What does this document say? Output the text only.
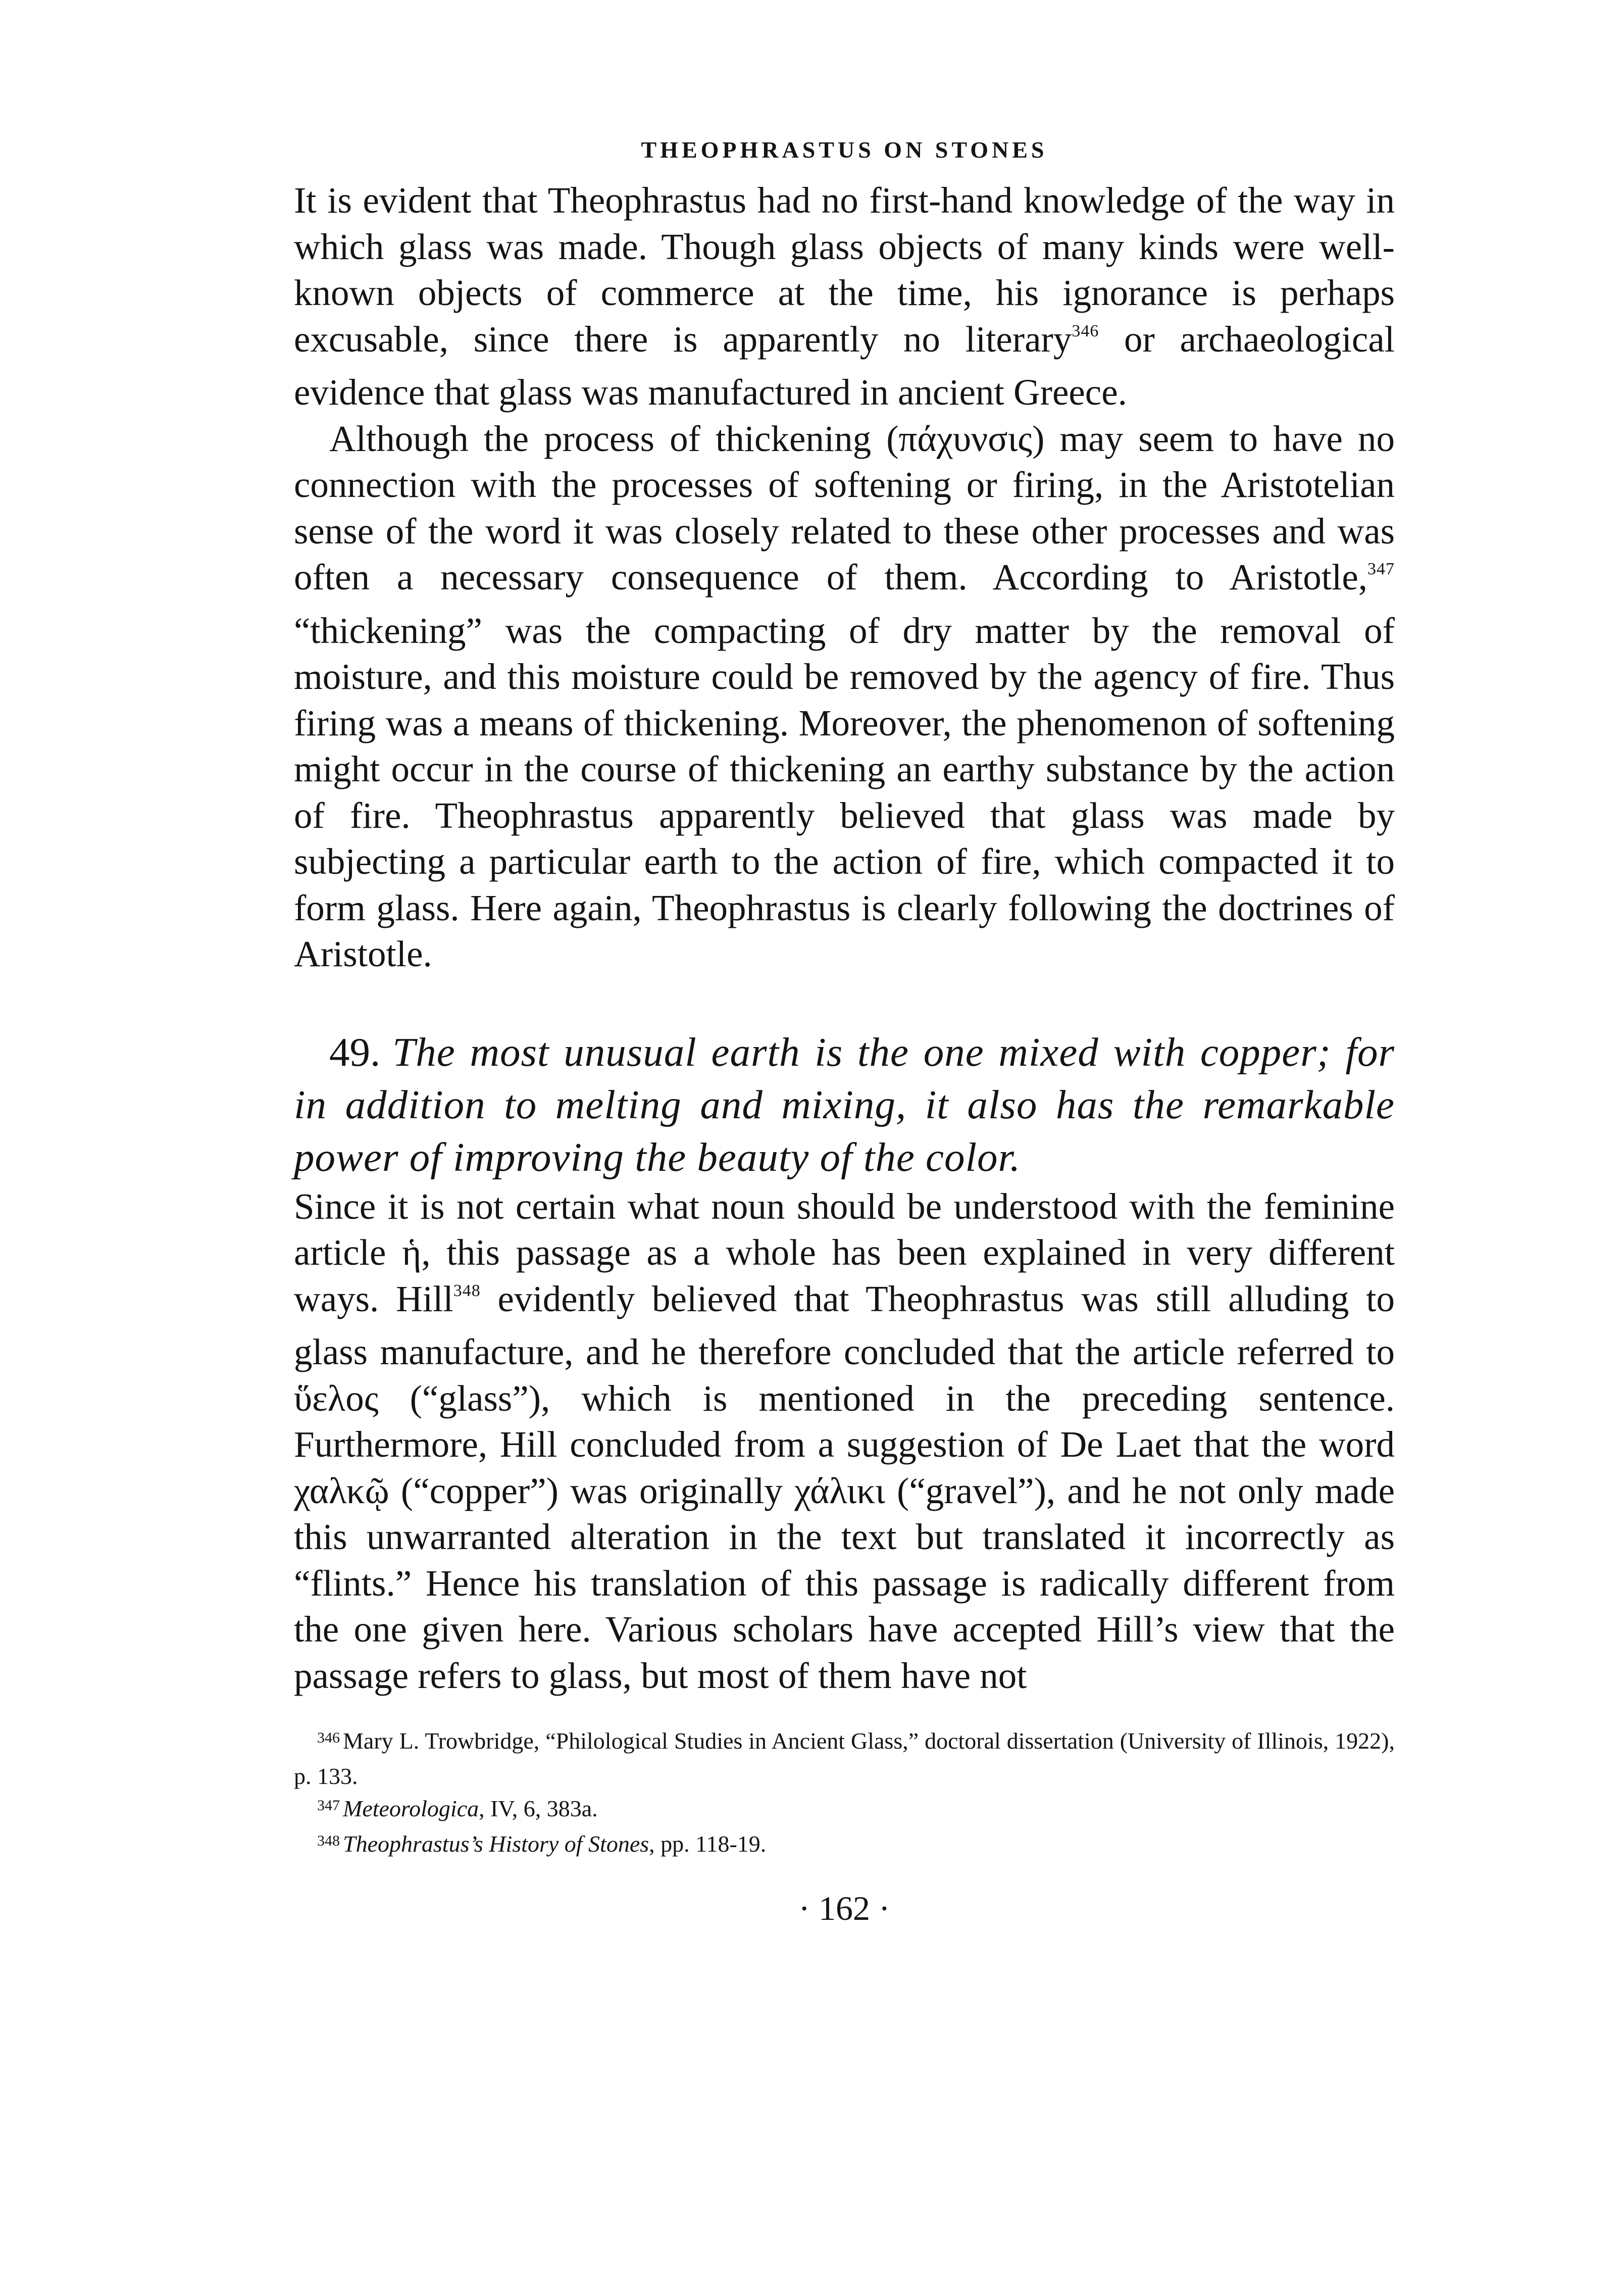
THEOPHRASTUS ON STONES

It is evident that Theophrastus had no first-hand knowledge of the way in which glass was made. Though glass objects of many kinds were well-known objects of commerce at the time, his ignorance is perhaps excusable, since there is apparently no literary$^{346}$ or archaeological evidence that glass was manufactured in ancient Greece.

Although the process of thickening (πάχυνσις) may seem to have no connection with the processes of softening or firing, in the Aristotelian sense of the word it was closely related to these other processes and was often a necessary consequence of them. According to Aristotle,$^{347}$ “thickening” was the compacting of dry matter by the removal of moisture, and this moisture could be removed by the agency of fire. Thus firing was a means of thickening. Moreover, the phenomenon of softening might occur in the course of thickening an earthy substance by the action of fire. Theophrastus apparently believed that glass was made by subjecting a particular earth to the action of fire, which compacted it to form glass. Here again, Theophrastus is clearly following the doctrines of Aristotle.

49. The most unusual earth is the one mixed with copper; for in addition to melting and mixing, it also has the remarkable power of improving the beauty of the color.

Since it is not certain what noun should be understood with the feminine article ἡ, this passage as a whole has been explained in very different ways. Hill$^{348}$ evidently believed that Theophrastus was still alluding to glass manufacture, and he therefore concluded that the article referred to ὕελος (“glass”), which is mentioned in the preceding sentence. Furthermore, Hill concluded from a suggestion of De Laet that the word χαλκῷ (“copper”) was originally χάλικι (“gravel”), and he not only made this unwarranted alteration in the text but translated it incorrectly as “flints.” Hence his translation of this passage is radically different from the one given here. Various scholars have accepted Hill’s view that the passage refers to glass, but most of them have not

$^{346}$ Mary L. Trowbridge, “Philological Studies in Ancient Glass,” doctoral dissertation (University of Illinois, 1922), p. 133.

$^{347}$ Meteorologica, IV, 6, 383a.

$^{348}$ Theophrastus’s History of Stones, pp. 118-19.

· 162 ·
